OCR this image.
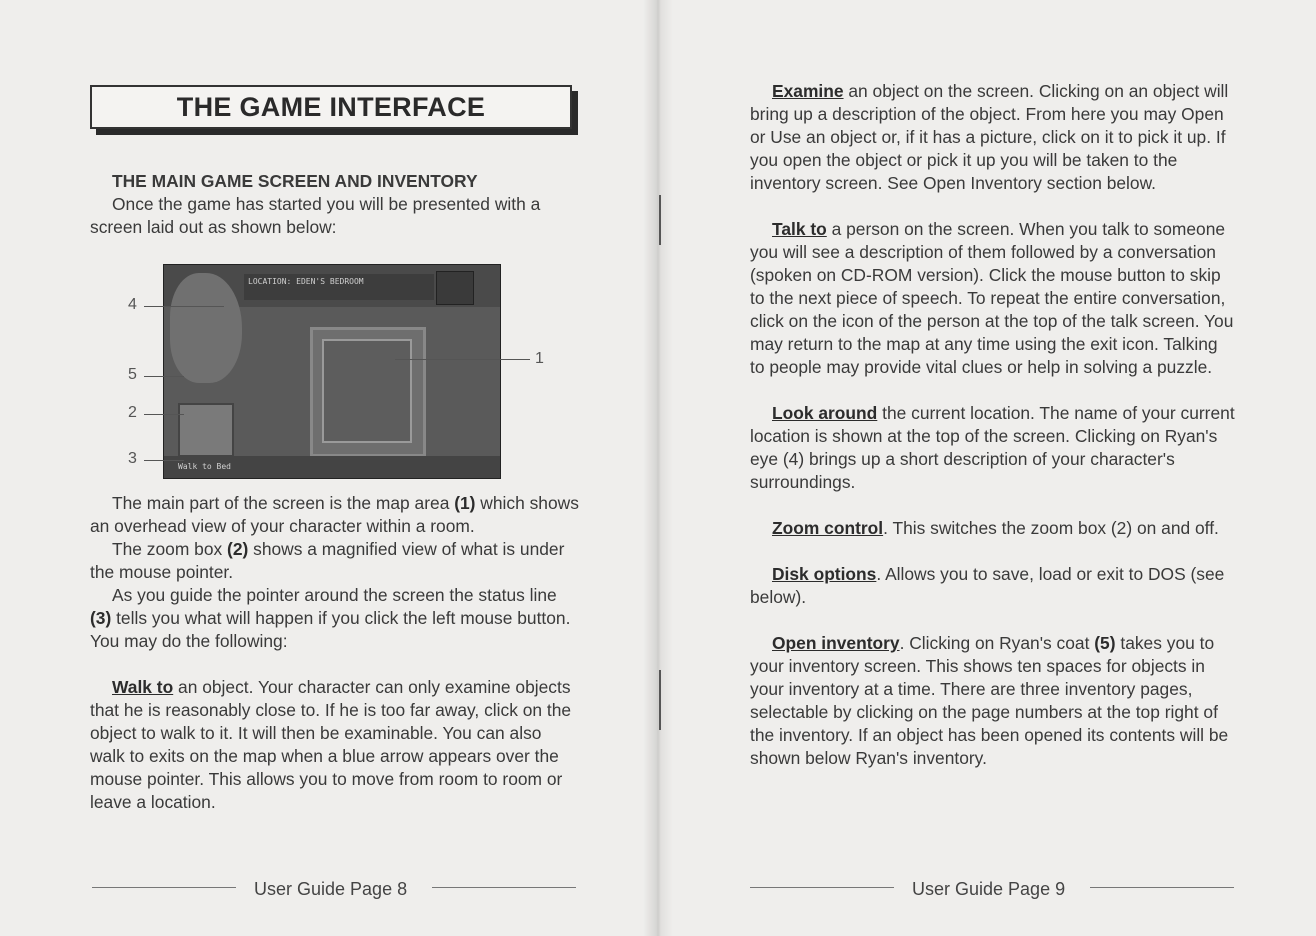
THE GAME INTERFACE

THE MAIN GAME SCREEN AND INVENTORY

Once the game has started you will be presented with a screen laid out as shown below:

LOCATION: EDEN'S BEDROOM
Walk to Bed
4
5
2
3
1

The main part of the screen is the map area (1) which shows an overhead view of your character within a room.

The zoom box (2) shows a magnified view of what is under the mouse pointer.

As you guide the pointer around the screen the status line (3) tells you what will happen if you click the left mouse button. You may do the following:

Walk to an object. Your character can only examine objects that he is reasonably close to. If he is too far away, click on the object to walk to it. It will then be examinable. You can also walk to exits on the map when a blue arrow appears over the mouse pointer. This allows you to move from room to room or leave a location.

User Guide Page 8

Examine an object on the screen. Clicking on an object will bring up a description of the object. From here you may Open or Use an object or, if it has a picture, click on it to pick it up. If you open the object or pick it up you will be taken to the inventory screen. See Open Inventory section below.

Talk to a person on the screen. When you talk to someone you will see a description of them followed by a conversation (spoken on CD-ROM version). Click the mouse button to skip to the next piece of speech. To repeat the entire conversation, click on the icon of the person at the top of the talk screen. You may return to the map at any time using the exit icon. Talking to people may provide vital clues or help in solving a puzzle.

Look around the current location. The name of your current location is shown at the top of the screen. Clicking on Ryan's eye (4) brings up a short description of your character's surroundings.

Zoom control. This switches the zoom box (2) on and off.

Disk options. Allows you to save, load or exit to DOS (see below).

Open inventory. Clicking on Ryan's coat (5) takes you to your inventory screen. This shows ten spaces for objects in your inventory at a time. There are three inventory pages, selectable by clicking on the page numbers at the top right of the inventory. If an object has been opened its contents will be shown below Ryan's inventory.

User Guide Page 9
